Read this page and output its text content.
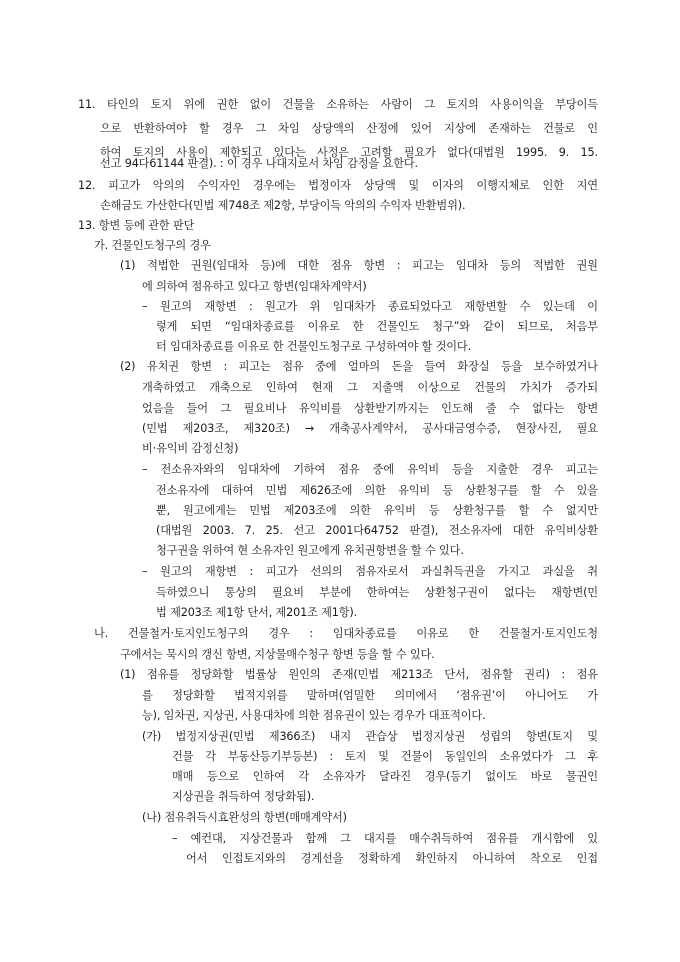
11. 타인의 토지 위에 권한 없이 건물을 소유하는 사람이 그 토지의 사용이익을 부당이득
으로 반환하여야 할 경우 그 차임 상당액의 산정에 있어 지상에 존재하는 건물로 인
하여 토지의 사용이 제한되고 있다는 사정은 고려할 필요가 없다(대법원 1995. 9. 15.
선고 94다61144 판결). : 이 경우 나대지로서 차임 감정을 요한다.
12. 피고가 악의의 수익자인 경우에는 법정이자 상당액 및 이자의 이행지체로 인한 지연
손해금도 가산한다(민법 제748조 제2항, 부당이득 악의의 수익자 반환범위).
13. 항변 등에 관한 판단
가. 건물인도청구의 경우
(1) 적법한 권원(임대차 등)에 대한 점유 항변 : 피고는 임대차 등의 적법한 권원
에 의하여 점유하고 있다고 항변(임대차계약서)
– 원고의 재항변 : 원고가 위 임대차가 종료되었다고 재항변할 수 있는데 이
렇게 되면 “임대차종료를 이유로 한 건물인도 청구”와 같이 되므로, 처음부
터 임대차종료를 이유로 한 건물인도청구로 구성하여야 할 것이다.
(2) 유치권 항변 : 피고는 점유 중에 얼마의 돈을 들여 화장실 등을 보수하였거나
개축하였고 개축으로 인하여 현재 그 지출액 이상으로 건물의 가치가 증가되
었음을 들어 그 필요비나 유익비를 상환받기까지는 인도해 줄 수 없다는 항변
(민법 제203조, 제320조) → 개축공사계약서, 공사대금영수증, 현장사진, 필요
비·유익비 감정신청)
– 전소유자와의 임대차에 기하여 점유 중에 유익비 등을 지출한 경우 피고는
전소유자에 대하여 민법 제626조에 의한 유익비 등 상환청구를 할 수 있을
뿐, 원고에게는 민법 제203조에 의한 유익비 등 상환청구를 할 수 없지만
(대법원 2003. 7. 25. 선고 2001다64752 판결), 전소유자에 대한 유익비상환
청구권을 위하여 현 소유자인 원고에게 유치권항변을 할 수 있다.
– 원고의 재항변 : 피고가 선의의 점유자로서 과실취득권을 가지고 과실을 취
득하였으니 통상의 필요비 부분에 한하여는 상환청구권이 없다는 재항변(민
법 제203조 제1항 단서, 제201조 제1항).
나. 건물철거·토지인도청구의 경우 : 임대차종료를 이유로 한 건물철거·토지인도청
구에서는 묵시의 갱신 항변, 지상물매수청구 항변 등을 할 수 있다.
(1) 점유를 정당화할 법률상 원인의 존재(민법 제213조 단서, 점유할 권리) : 점유
를 정당화할 법적지위를 말하며(엄밀한 의미에서 ‘점유권’이 아니어도 가
능), 임차권, 지상권, 사용대차에 의한 점유권이 있는 경우가 대표적이다.
(가) 법정지상권(민법 제366조) 내지 관습상 법정지상권 성립의 항변(토지 및
건물 각 부동산등기부등본) : 토지 및 건물이 동일인의 소유였다가 그 후
매매 등으로 인하여 각 소유자가 달라진 경우(등기 없이도 바로 물권인
지상권을 취득하여 정당화됨).
(나) 점유취득시효완성의 항변(매매계약서)
– 예컨대, 지상건물과 함께 그 대지를 매수취득하여 점유를 개시함에 있
어서 인접토지와의 경계선을 정확하게 확인하지 아니하여 착오로 인접
